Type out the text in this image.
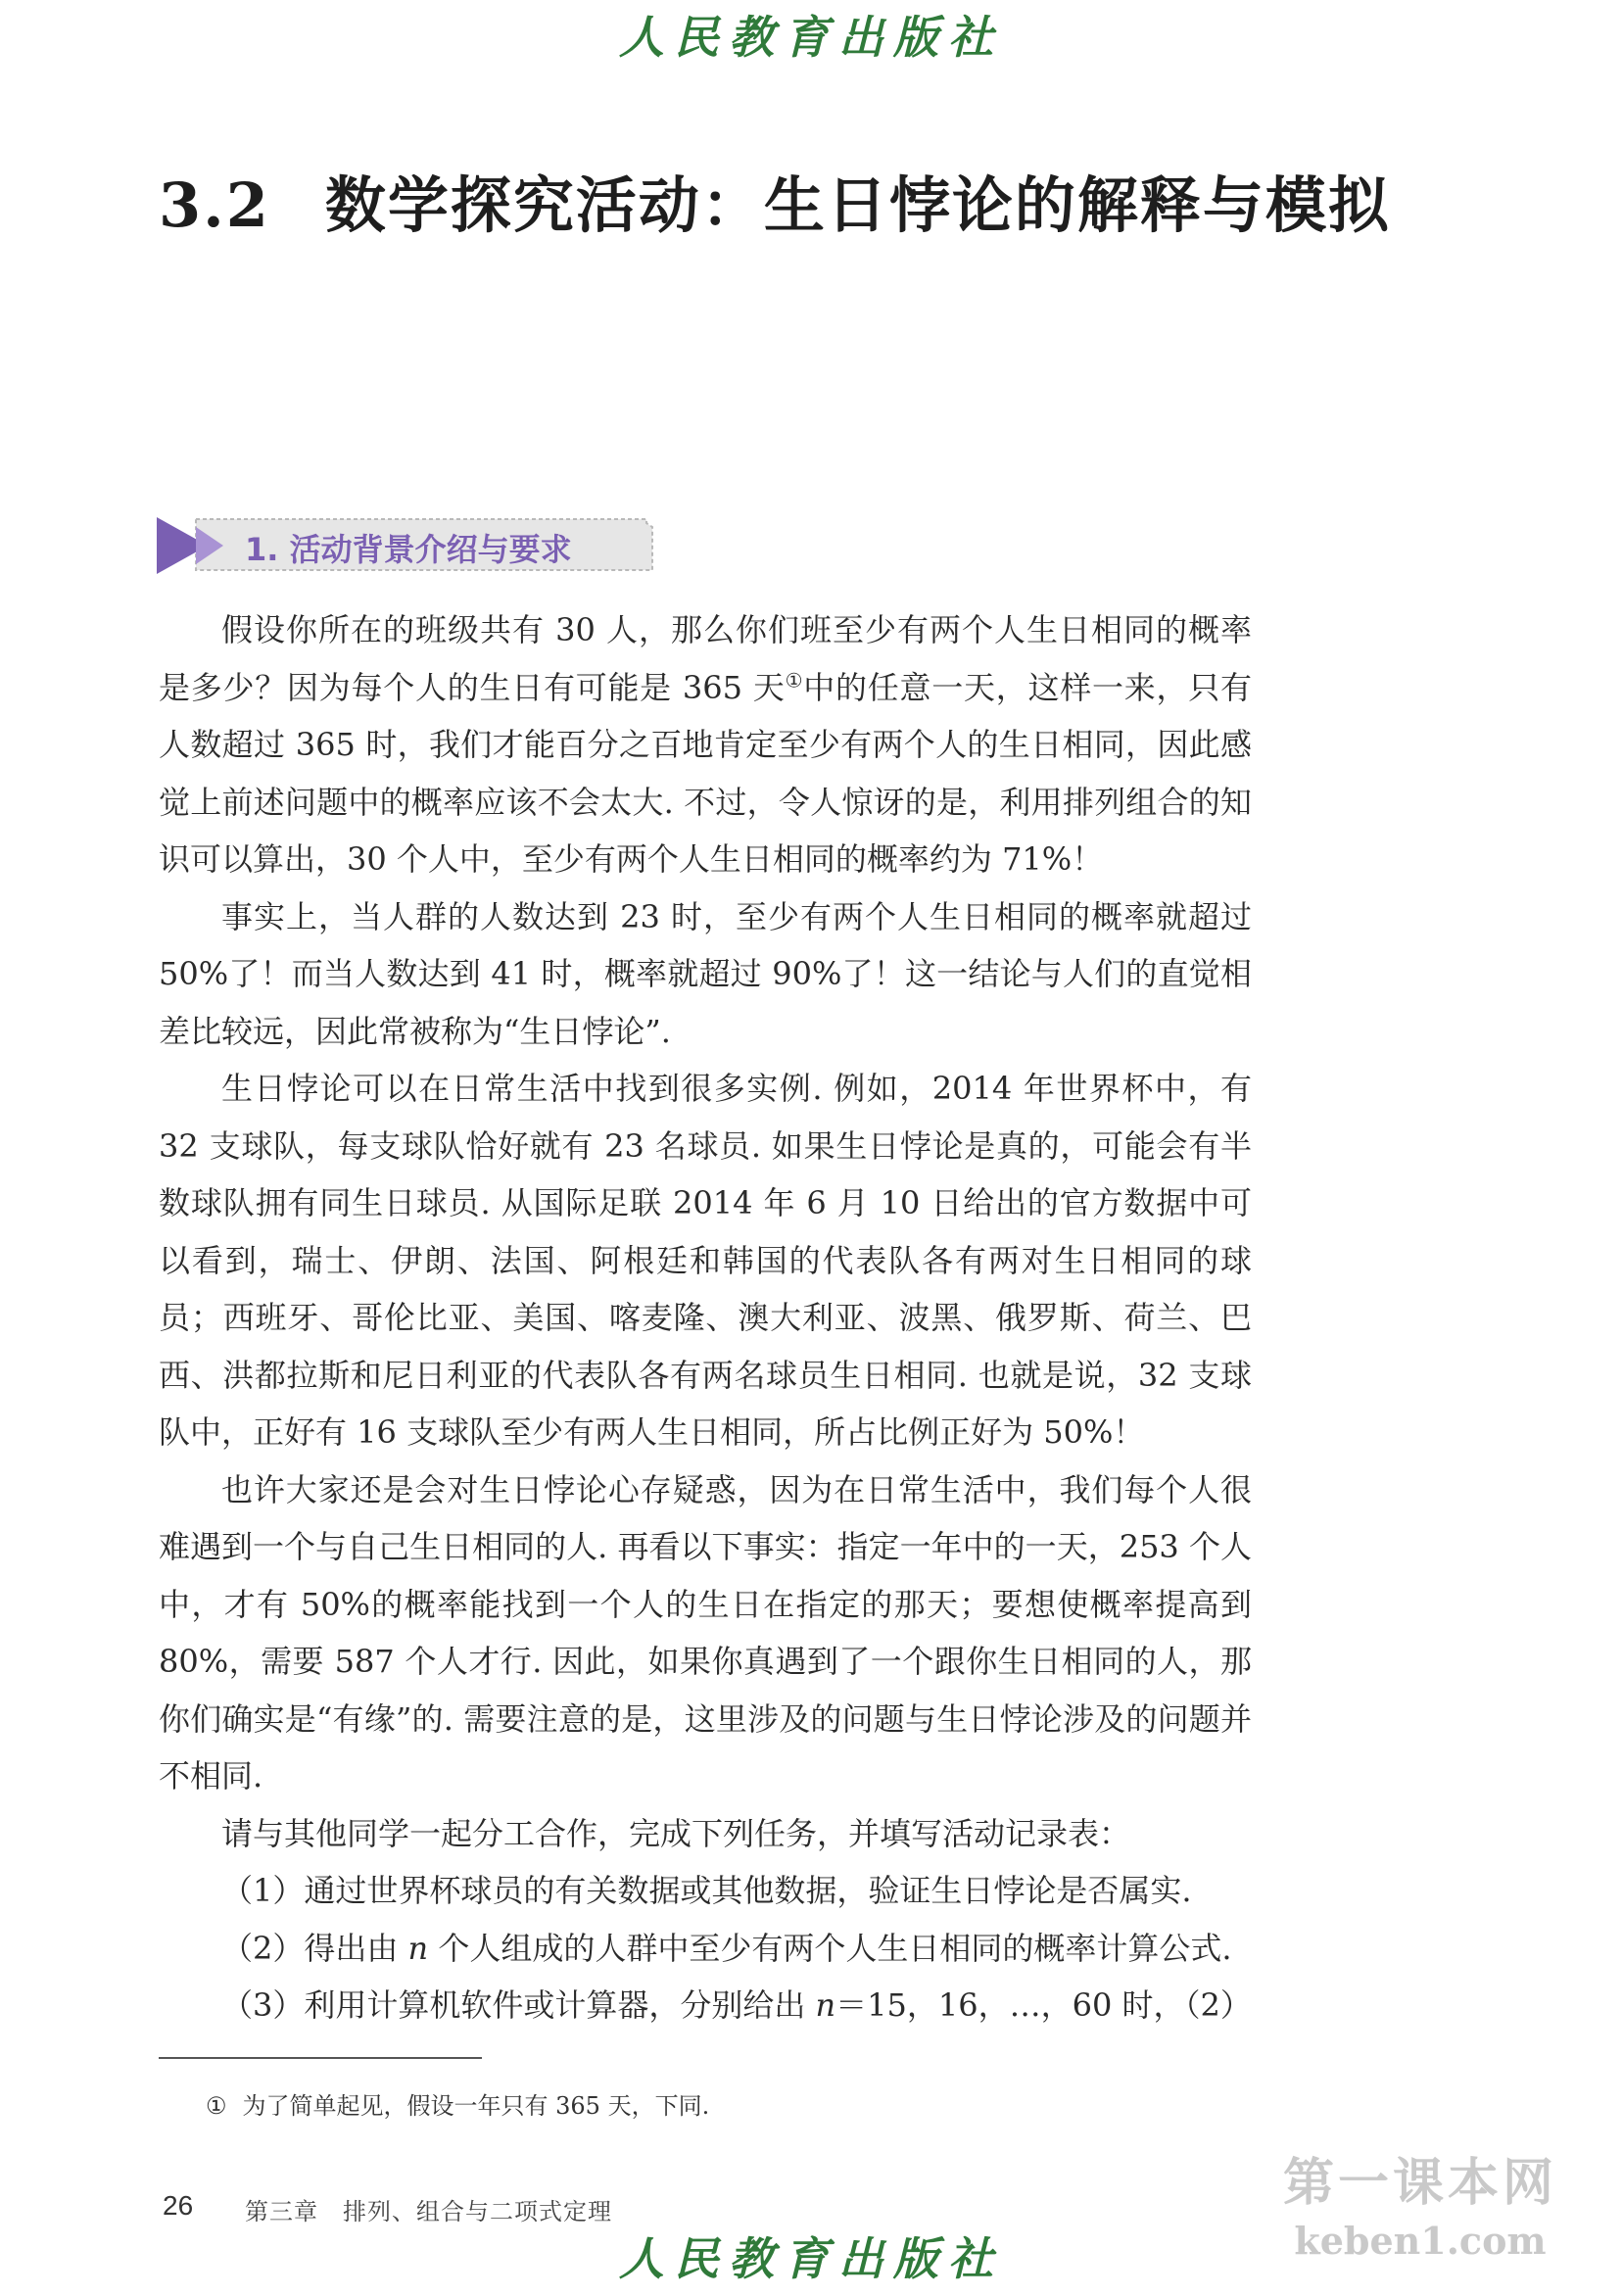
人民教育出版社
3.2 数学探究活动：生日悖论的解释与模拟
1. 活动背景介绍与要求

假设你所在的班级共有 30 人，那么你们班至少有两个人生日相同的概率是多少？因为每个人的生日有可能是 365 天①中的任意一天，这样一来，只有人数超过 365 时，我们才能百分之百地肯定至少有两个人的生日相同，因此感觉上前述问题中的概率应该不会太大. 不过，令人惊讶的是，利用排列组合的知识可以算出，30 个人中，至少有两个人生日相同的概率约为 71%！

事实上，当人群的人数达到 23 时，至少有两个人生日相同的概率就超过 50%了！而当人数达到 41 时，概率就超过 90%了！这一结论与人们的直觉相差比较远，因此常被称为“生日悖论”.

生日悖论可以在日常生活中找到很多实例. 例如，2014 年世界杯中，有 32 支球队，每支球队恰好就有 23 名球员. 如果生日悖论是真的，可能会有半数球队拥有同生日球员. 从国际足联 2014 年 6 月 10 日给出的官方数据中可以看到，瑞士、伊朗、法国、阿根廷和韩国的代表队各有两对生日相同的球员；西班牙、哥伦比亚、美国、喀麦隆、澳大利亚、波黑、俄罗斯、荷兰、巴西、洪都拉斯和尼日利亚的代表队各有两名球员生日相同. 也就是说，32 支球队中，正好有 16 支球队至少有两人生日相同，所占比例正好为 50%！

也许大家还是会对生日悖论心存疑惑，因为在日常生活中，我们每个人很难遇到一个与自己生日相同的人. 再看以下事实：指定一年中的一天，253 个人中，才有 50%的概率能找到一个人的生日在指定的那天；要想使概率提高到 80%，需要 587 个人才行. 因此，如果你真遇到了一个跟你生日相同的人，那你们确实是“有缘”的. 需要注意的是，这里涉及的问题与生日悖论涉及的问题并不相同.

请与其他同学一起分工合作，完成下列任务，并填写活动记录表：

（1）通过世界杯球员的有关数据或其他数据，验证生日悖论是否属实.

（2）得出由 n 个人组成的人群中至少有两个人生日相同的概率计算公式.

（3）利用计算机软件或计算器，分别给出 n＝15，16，…，60 时，（2）

① 为了简单起见，假设一年只有 365 天，下同.
26 第三章　排列、组合与二项式定理	第一课本网
keben1.com
人民教育出版社
